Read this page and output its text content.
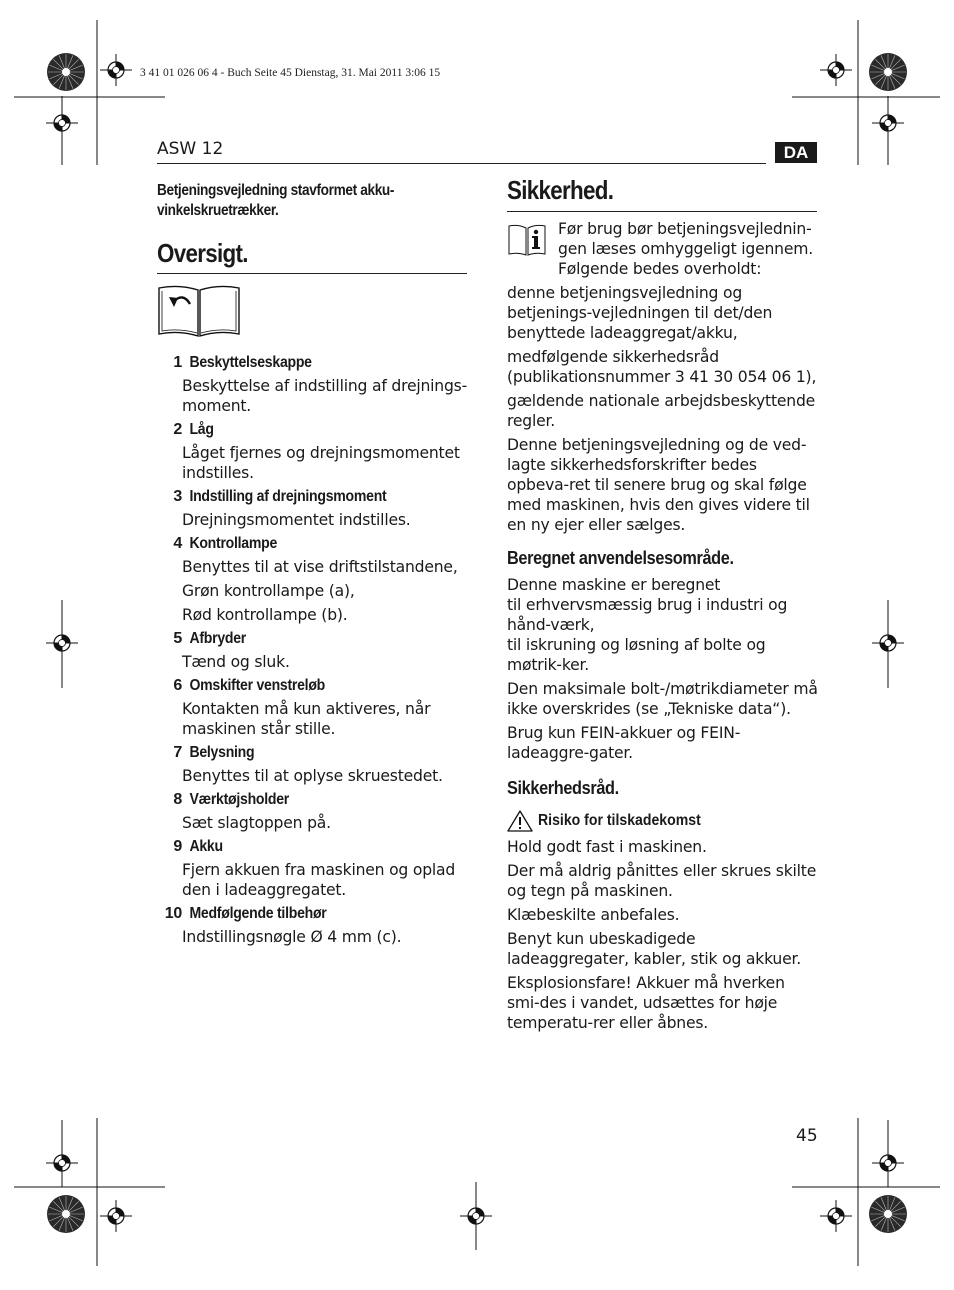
3 41 01 026 06 4 - Buch Seite 45 Dienstag, 31. Mai 2011 3:06 15
ASW 12	DA
Betjeningsvejledning stavformet akku-vinkelskruetrækker.
Oversigt.
1 Beskyttelseskappe

Beskyttelse af indstilling af drejnings-moment.

2 Låg

Låget fjernes og drejningsmomentet indstilles.

3 Indstilling af drejningsmoment

Drejningsmomentet indstilles.

4 Kontrollampe

Benyttes til at vise driftstilstandene,

Grøn kontrollampe (a),

Rød kontrollampe (b).

5 Afbryder

Tænd og sluk.

6 Omskifter venstreløb

Kontakten må kun aktiveres, når maskinen står stille.

7 Belysning

Benyttes til at oplyse skruestedet.

8 Værktøjsholder

Sæt slagtoppen på.

9 Akku

Fjern akkuen fra maskinen og oplad den i ladeaggregatet.

10 Medfølgende tilbehør

Indstillingsnøgle Ø 4 mm (c).

Sikkerhed.
Før brug bør betjeningsvejlednin-gen læses omhyggeligt igennem. Følgende bedes overholdt:

denne betjeningsvejledning og betjenings-vejledningen til det/den benyttede ladeaggregat/akku,

medfølgende sikkerhedsråd (publikationsnummer 3 41 30 054 06 1),

gældende nationale arbejdsbeskyttende regler.

Denne betjeningsvejledning og de ved-lagte sikkerhedsforskrifter bedes opbeva-ret til senere brug og skal følge med maskinen, hvis den gives videre til en ny ejer eller sælges.

Beregnet anvendelsesområde.

Denne maskine er beregnet

til erhvervsmæssig brug i industri og hånd-værk,

til iskruning og løsning af bolte og møtrik-ker.

Den maksimale bolt-/møtrikdiameter må ikke overskrides (se „Tekniske data“).

Brug kun FEIN-akkuer og FEIN-ladeaggre-gater.

Sikkerhedsråd.
Risiko for tilskadekomst

Hold godt fast i maskinen.

Der må aldrig pånittes eller skrues skilte og tegn på maskinen.

Klæbeskilte anbefales.

Benyt kun ubeskadigede ladeaggregater, kabler, stik og akkuer.

Eksplosionsfare! Akkuer må hverken smi-des i vandet, udsættes for høje temperatu-rer eller åbnes.

45
